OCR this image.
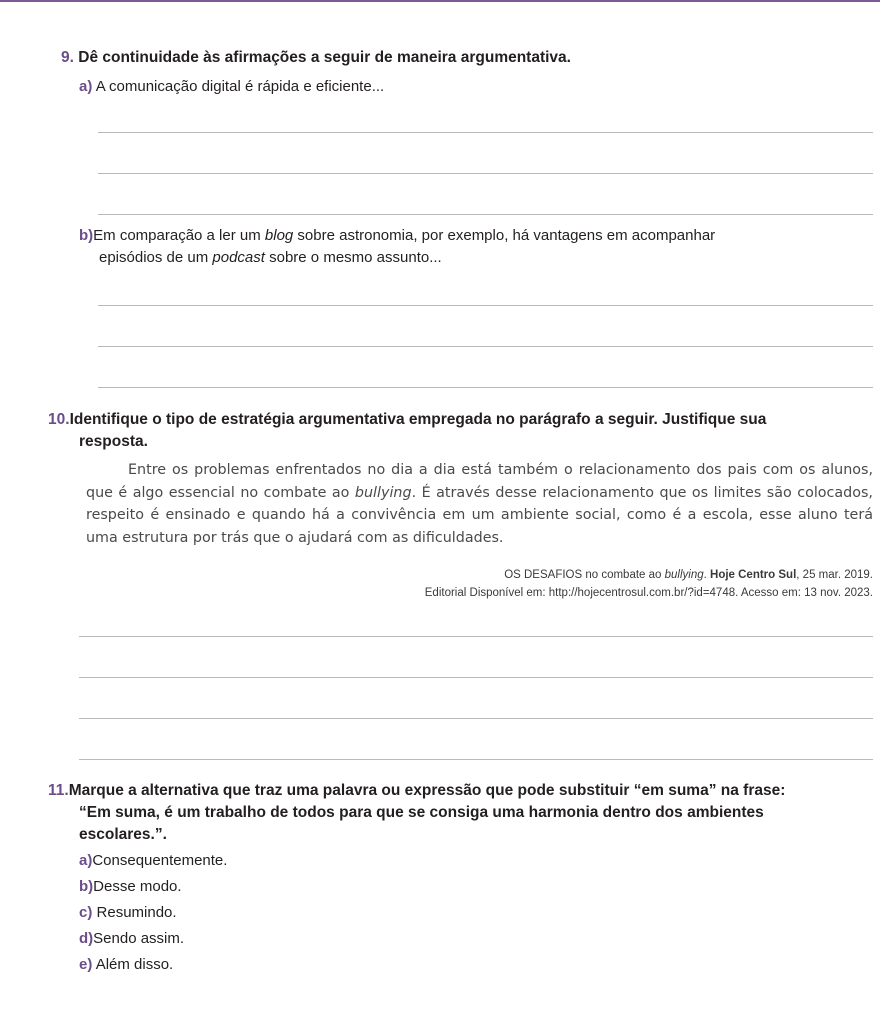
9. Dê continuidade às afirmações a seguir de maneira argumentativa.
a) A comunicação digital é rápida e eficiente...
b)Em comparação a ler um blog sobre astronomia, por exemplo, há vantagens em acompanhar
episódios de um podcast sobre o mesmo assunto...
10.Identifique o tipo de estratégia argumentativa empregada no parágrafo a seguir. Justifique sua
resposta.

Entre os problemas enfrentados no dia a dia está também o relacionamento dos pais com os alunos, que é algo essencial no combate ao bullying. É através desse relacionamento que os limites são colocados, respeito é ensinado e quando há a convivência em um ambiente social, como é a escola, esse aluno terá uma estrutura por trás que o ajudará com as dificuldades.

OS DESAFIOS no combate ao bullying. Hoje Centro Sul, 25 mar. 2019.
Editorial Disponível em: http://hojecentrosul.com.br/?id=4748. Acesso em: 13 nov. 2023.
11.Marque a alternativa que traz uma palavra ou expressão que pode substituir “em suma” na frase:
“Em suma, é um trabalho de todos para que se consiga uma harmonia dentro dos ambientes
escolares.”.
a)Consequentemente.
b)Desse modo.
c) Resumindo.
d)Sendo assim.
e) Além disso.
